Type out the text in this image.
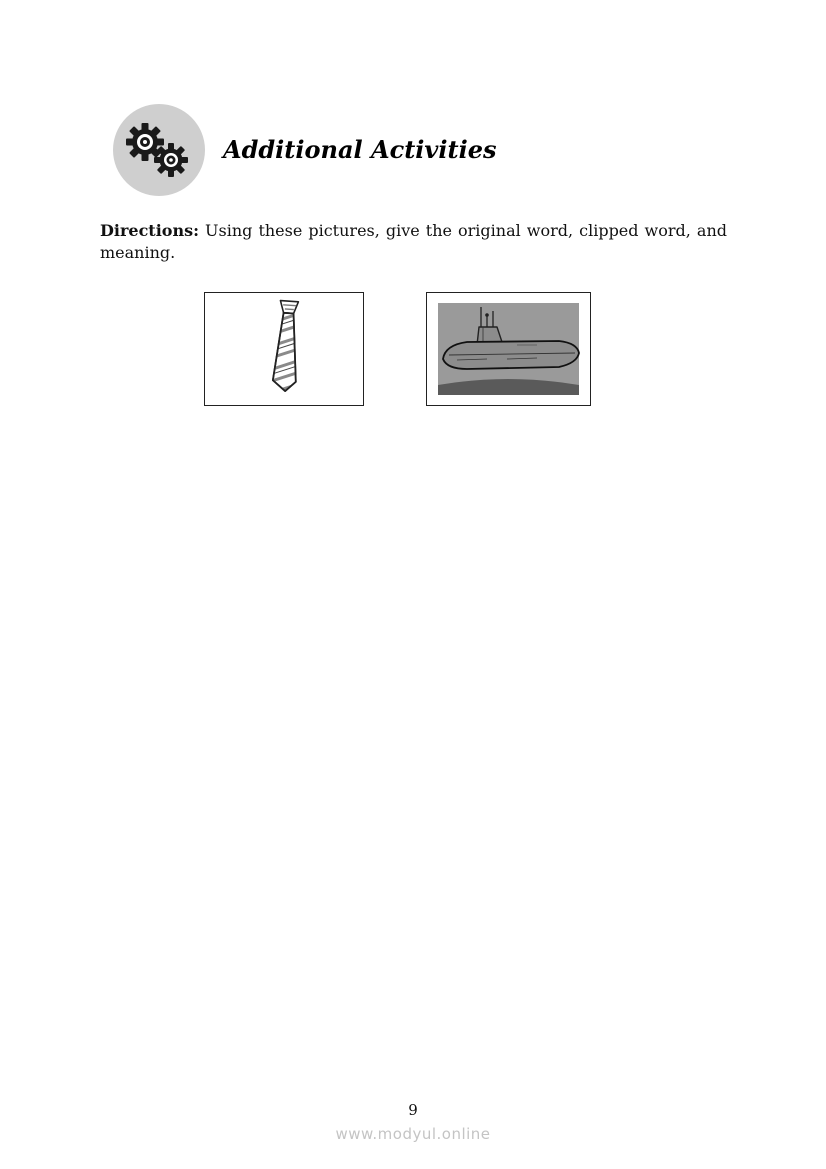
Additional Activities

Directions: Using these pictures, give the original word, clipped word, and meaning.

9

www.modyul.online
